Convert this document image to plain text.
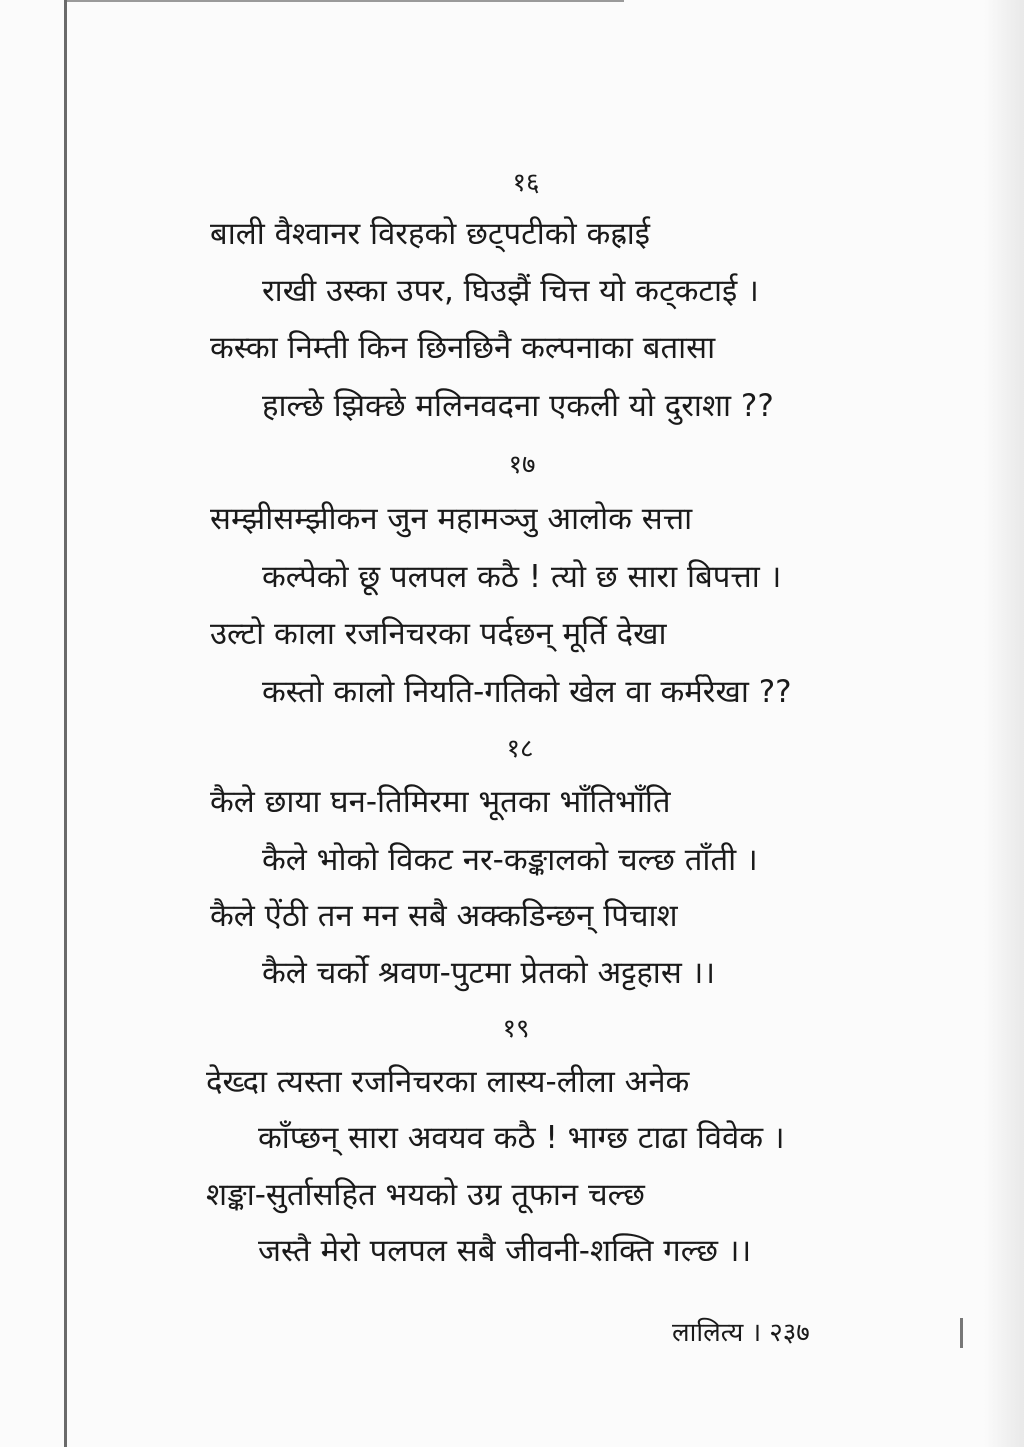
१६
बाली वैश्वानर विरहको छट्पटीको कह्राई
राखी उस्का उपर, घिउझैं चित्त यो कट्कटाई ।
कस्का निम्ती किन छिनछिनै कल्पनाका बतासा
हाल्छे झिक्छे मलिनवदना एकली यो दुराशा ??
१७
सम्झीसम्झीकन जुन महामञ्जु आलोक सत्ता
कल्पेको छू पलपल कठै ! त्यो छ सारा बिपत्ता ।
उल्टो काला रजनिचरका पर्दछन् मूर्ति देखा
कस्तो कालो नियति-गतिको खेल वा कर्मरेखा ??
१८
कैले छाया घन-तिमिरमा भूतका भाँतिभाँति
कैले भोको विकट नर-कङ्कालको चल्छ ताँती ।
कैले ऐंठी तन मन सबै अक्कडिन्छन् पिचाश
कैले चर्को श्रवण-पुटमा प्रेतको अट्टहास ।।
१९
देख्दा त्यस्ता रजनिचरका लास्य-लीला अनेक
काँप्छन् सारा अवयव कठै ! भाग्छ टाढा विवेक ।
शङ्का-सुर्तासहित भयको उग्र तूफान चल्छ
जस्तै मेरो पलपल सबै जीवनी-शक्ति गल्छ ।।
लालित्य । २३७
